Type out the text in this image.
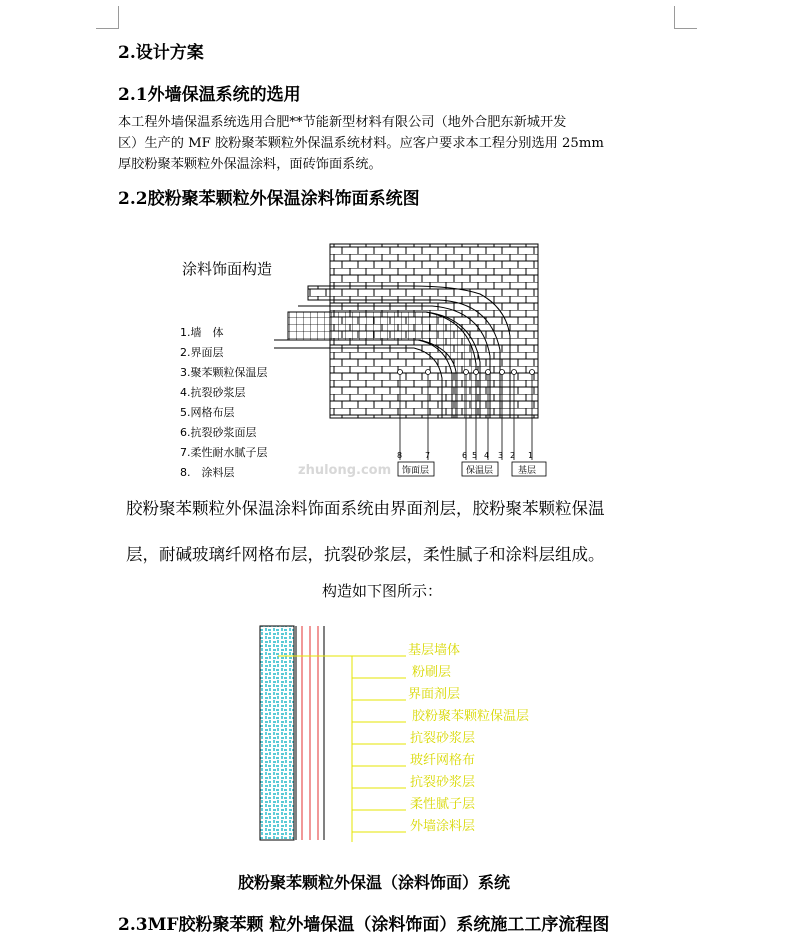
2.设计方案
2.1外墙保温系统的选用
本工程外墙保温系统选用合肥**节能新型材料有限公司（地外合肥东新城开发
区）生产的 MF 胶粉聚苯颗粒外保温系统材料。应客户要求本工程分别选用 25mm
厚胶粉聚苯颗粒外保温涂料，面砖饰面系统。
2.2胶粉聚苯颗粒外保温涂料饰面系统图
涂料饰面构造
8	7	6 5 4 3 2 1
饰面层	保温层	基层
1.墙　体
2.界面层
3.聚苯颗粒保温层
4.抗裂砂浆层
5.网格布层
6.抗裂砂浆面层
7.柔性耐水腻子层
8.　涂料层	zhulong.com
胶粉聚苯颗粒外保温涂料饰面系统由界面剂层，胶粉聚苯颗粒保温
层，耐碱玻璃纤网格布层，抗裂砂浆层，柔性腻子和涂料层组成。
构造如下图所示：
基层墙体
粉刷层
界面剂层
胶粉聚苯颗粒保温层
抗裂砂浆层
玻纤网格布
抗裂砂浆层
柔性腻子层
外墙涂料层
胶粉聚苯颗粒外保温（涂料饰面）系统
2.3MF胶粉聚苯颗 粒外墙保温（涂料饰面）系统施工工序流程图
